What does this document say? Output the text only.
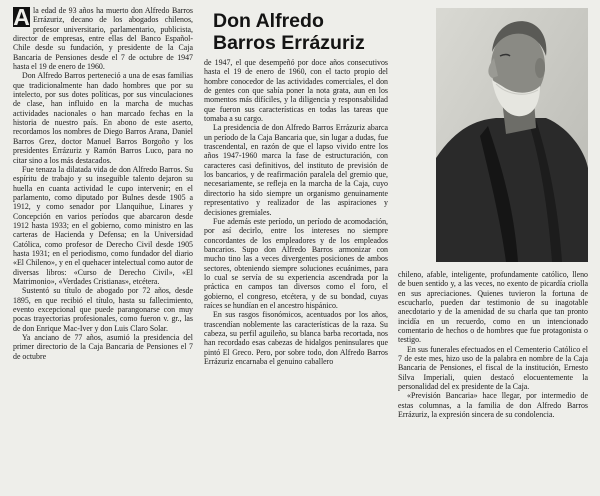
A la edad de 93 años ha muerto don Alfredo Barros Errázuriz, decano de los abogados chilenos, profesor universitario, parlamentario, publicista, director de empresas, entre ellas del Banco Español-Chile desde su fundación, y presidente de la Caja Bancaria de Pensiones desde el 7 de octubre de 1947 hasta el 19 de enero de 1960.

Don Alfredo Barros perteneció a una de esas familias que tradicionalmente han dado hombres que por su intelecto, por sus dotes políticas, por sus vinculaciones de clase, han influido en la marcha de muchas actividades nacionales o han marcado fechas en la historia de nuestro país. En abono de este aserto, recordamos los nombres de Diego Barros Arana, Daniel Barros Grez, doctor Manuel Barros Borgoño y los presidentes Errázuriz y Ramón Barros Luco, para no citar sino a los más destacados.

Fue tenaza la dilatada vida de don Alfredo Barros. Su espíritu de trabajo y su inseguible talento dejaron su huella en cuanta actividad le cupo intervenir; en el parlamento, como diputado por Bulnes desde 1905 a 1912, y como senador por Llanquihue, Linares y Concepción en varios períodos que abarcaron desde 1912 hasta 1933; en el gobierno, como ministro en las carteras de Hacienda y Defensa; en la Universidad Católica, como profesor de Derecho Civil desde 1905 hasta 1931; en el periodismo, como fundador del diario «El Chileno», y en el quehacer intelectual como autor de diversas libros: «Curso de Derecho Civil», «El Matrimonio», «Verdades Cristianas», etcétera.

Sustentó su título de abogado por 72 años, desde 1895, en que recibió el título, hasta su fallecimiento, evento excepcional que puede parangonarse con muy pocas trayectorias profesionales, como fueron v. gr., las de don Enrique Mac-Iver y don Luis Claro Solar.

Ya anciano de 77 años, asumió la presidencia del primer directorio de la Caja Bancaria de Pensiones el 7 de octubre

Don Alfredo
Barros Errázuriz

de 1947, el que desempeñó por doce años consecutivos hasta el 19 de enero de 1960, con el tacto propio del hombre conocedor de las actividades comerciales, el don de gentes con que sabía poner la nota grata, aun en los momentos más difíciles, y la diligencia y responsabilidad que fueron sus características en todas las tareas que tomaba a su cargo.

La presidencia de don Alfredo Barros Errázuriz abarca un período de la Caja Bancaria que, sin lugar a dudas, fue trascendental, en razón de que el lapso vivido entre los años 1947-1960 marca la fase de estructuración, con caracteres casi definitivos, del instituto de previsión de los bancarios, y de reafirmación paralela del gremio que, necesariamente, se refleja en la marcha de la Caja, cuyo directorio ha sido siempre un organismo genuinamente representativo y realizador de las aspiraciones y decisiones gremiales.

Fue además este período, un período de acomodación, por así decirlo, entre los intereses no siempre concordantes de los empleadores y de los empleados bancarios. Supo don Alfredo Barros armonizar con mucho tino las a veces divergentes posiciones de ambos sectores, obteniendo siempre soluciones ecuánimes, para lo cual se servía de su experiencia ascendrada por la práctica en campos tan diversos como el foro, el gobierno, el congreso, etcétera, y de su bondad, cuyas raíces se hundían en el ancestro hispánico.

En sus rasgos fisonómicos, acentuados por los años, trascendían noblemente las características de la raza. Su cabeza, su perfil aguileño, su blanca barba recortada, nos han recordado esas cabezas de hidalgos peninsulares que pintó El Greco. Pero, por sobre todo, don Alfredo Barros Errázuriz encarnaba el genuino caballero

chileno, afable, inteligente, profundamente católico, lleno de buen sentido y, a las veces, no exento de picardía criolla en sus apreciaciones. Quienes tuvieron la fortuna de escucharlo, pueden dar testimonio de su inagotable anecdotario y de la amenidad de su charla que tan pronto incidía en un recuerdo, como en un intencionado comentario de hechos o de hombres que fue protagonista o testigo.

En sus funerales efectuados en el Cementerio Católico el 7 de este mes, hizo uso de la palabra en nombre de la Caja Bancaria de Pensiones, el fiscal de la institución, Ernesto Silva Imperiali, quien destacó elocuentemente la personalidad del ex presidente de la Caja.

«Previsión Bancaria» hace llegar, por intermedio de estas columnas, a la familia de don Alfredo Barros Errázuriz, la expresión sincera de su condolencia.
